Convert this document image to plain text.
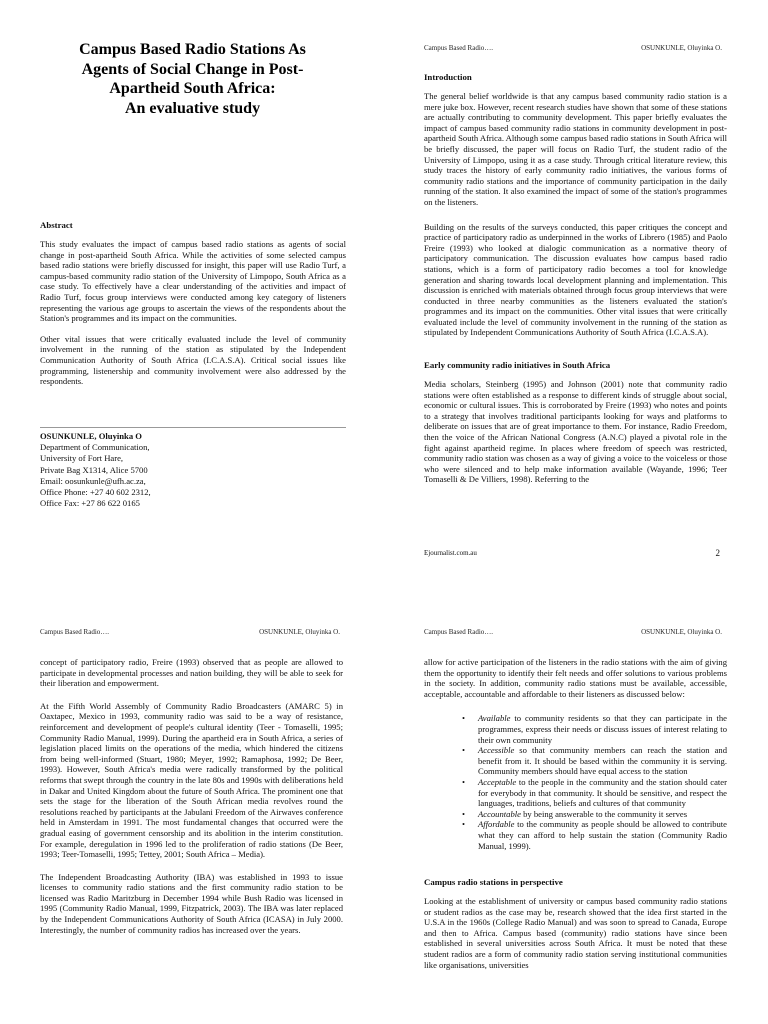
Campus Based Radio Stations As
Agents of Social Change in Post-
Apartheid South Africa:
An evaluative study
Abstract

This study evaluates the impact of campus based radio stations as agents of social change in post-apartheid South Africa. While the activities of some selected campus based radio stations were briefly discussed for insight, this paper will use Radio Turf, a campus-based community radio station of the University of Limpopo, South Africa as a case study. To effectively have a clear understanding of the activities and impact of Radio Turf, focus group interviews were conducted among key category of listeners representing the various age groups to ascertain the views of the respondents about the Station's programmes and its impact on the communities.

Other vital issues that were critically evaluated include the level of community involvement in the running of the station as stipulated by the Independent Communication Authority of South Africa (I.C.A.S.A). Critical social issues like programming, listenership and community involvement were also addressed by the respondents.

OSUNKUNLE, Oluyinka O
Department of Communication,
University of Fort Hare,
Private Bag X1314, Alice 5700
Email: oosunkunle@ufh.ac.za,
Office Phone: +27 40 602 2312,
Office Fax: +27 86 622 0165
Campus Based Radio….	OSUNKUNLE, Oluyinka O.
Introduction

The general belief worldwide is that any campus based community radio station is a mere juke box. However, recent research studies have shown that some of these stations are actually contributing to community development. This paper briefly evaluates the impact of campus based community radio stations in community development in post-apartheid South Africa. Although some campus based radio stations in South Africa will be briefly discussed, the paper will focus on Radio Turf, the student radio of the University of Limpopo, using it as a case study. Through critical literature review, this study traces the history of early community radio initiatives, the various forms of community radio stations and the importance of community participation in the daily running of the station. It also examined the impact of some of the station's programmes on the listeners.

Building on the results of the surveys conducted, this paper critiques the concept and practice of participatory radio as underpinned in the works of Librero (1985) and Paolo Freire (1993) who looked at dialogic communication as a normative theory of participatory communication. The discussion evaluates how campus based radio stations, which is a form of participatory radio becomes a tool for knowledge generation and sharing towards local development planning and implementation. This discussion is enriched with materials obtained through focus group interviews that were conducted in three nearby communities as the listeners evaluated the station's programmes and its impact on the communities. Other vital issues that were critically evaluated include the level of community involvement in the running of the station as stipulated by Independent Communications Authority of South Africa (I.C.A.S.A).

Early community radio initiatives in South Africa

Media scholars, Steinberg (1995) and Johnson (2001) note that community radio stations were often established as a response to different kinds of struggle about social, economic or cultural issues. This is corroborated by Freire (1993) who notes and points to a strategy that involves traditional participants looking for ways and platforms to deliberate on issues that are of great importance to them. For instance, Radio Freedom, then the voice of the African National Congress (A.N.C) played a pivotal role in the fight against apartheid regime. In places where freedom of speech was restricted, community radio station was chosen as a way of giving a voice to the voiceless or those who were silenced and to help make information available (Wayande, 1996; Teer Tomaselli & De Villiers, 1998). Referring to the

Ejournalist.com.au	2
Campus Based Radio….	OSUNKUNLE, Oluyinka O.

concept of participatory radio, Freire (1993) observed that as people are allowed to participate in developmental processes and nation building, they will be able to seek for their liberation and empowerment.

At the Fifth World Assembly of Community Radio Broadcasters (AMARC 5) in Oaxtapec, Mexico in 1993, community radio was said to be a way of resistance, reinforcement and development of people's cultural identity (Teer - Tomaselli, 1995; Community Radio Manual, 1999). During the apartheid era in South Africa, a series of legislation placed limits on the operations of the media, which hindered the citizens from being well-informed (Stuart, 1980; Meyer, 1992; Ramaphosa, 1992; De Beer, 1993). However, South Africa's media were radically transformed by the political reforms that swept through the country in the late 80s and 1990s with deliberations held in Dakar and United Kingdom about the future of South Africa. The prominent one that sets the stage for the liberation of the South African media revolves round the resolutions reached by participants at the Jabulani Freedom of the Airwaves conference held in Amsterdam in 1991. The most fundamental changes that occurred were the gradual easing of government censorship and its abolition in the interim constitution. For example, deregulation in 1996 led to the proliferation of radio stations (De Beer, 1993; Teer-Tomaselli, 1995; Tettey, 2001; South Africa – Media).

The Independent Broadcasting Authority (IBA) was established in 1993 to issue licenses to community radio stations and the first community radio station to be licensed was Radio Maritzburg in December 1994 while Bush Radio was licensed in 1995 (Community Radio Manual, 1999, Fitzpatrick, 2003). The IBA was later replaced by the Independent Communications Authority of South Africa (ICASA) in July 2000. Interestingly, the number of community radios has increased over the years.

Campus Based Radio….	OSUNKUNLE, Oluyinka O.

allow for active participation of the listeners in the radio stations with the aim of giving them the opportunity to identify their felt needs and offer solutions to various problems in the society. In addition, community radio stations must be available, accessible, acceptable, accountable and affordable to their listeners as discussed below:

• Available to community residents so that they can participate in the programmes, express their needs or discuss issues of interest relating to their own community
• Accessible so that community members can reach the station and benefit from it. It should be based within the community it is serving. Community members should have equal access to the station
• Acceptable to the people in the community and the station should cater for everybody in that community. It should be sensitive, and respect the languages, traditions, beliefs and cultures of that community
• Accountable by being answerable to the community it serves
• Affordable to the community as people should be allowed to contribute what they can afford to help sustain the station (Community Radio Manual, 1999).
Campus radio stations in perspective

Looking at the establishment of university or campus based community radio stations or student radios as the case may be, research showed that the idea first started in the U.S.A in the 1960s (College Radio Manual) and was soon to spread to Canada, Europe and then to Africa. Campus based (community) radio stations have since been established in several universities across South Africa. It must be noted that these student radios are a form of community radio station serving institutional communities like organisations, universities
